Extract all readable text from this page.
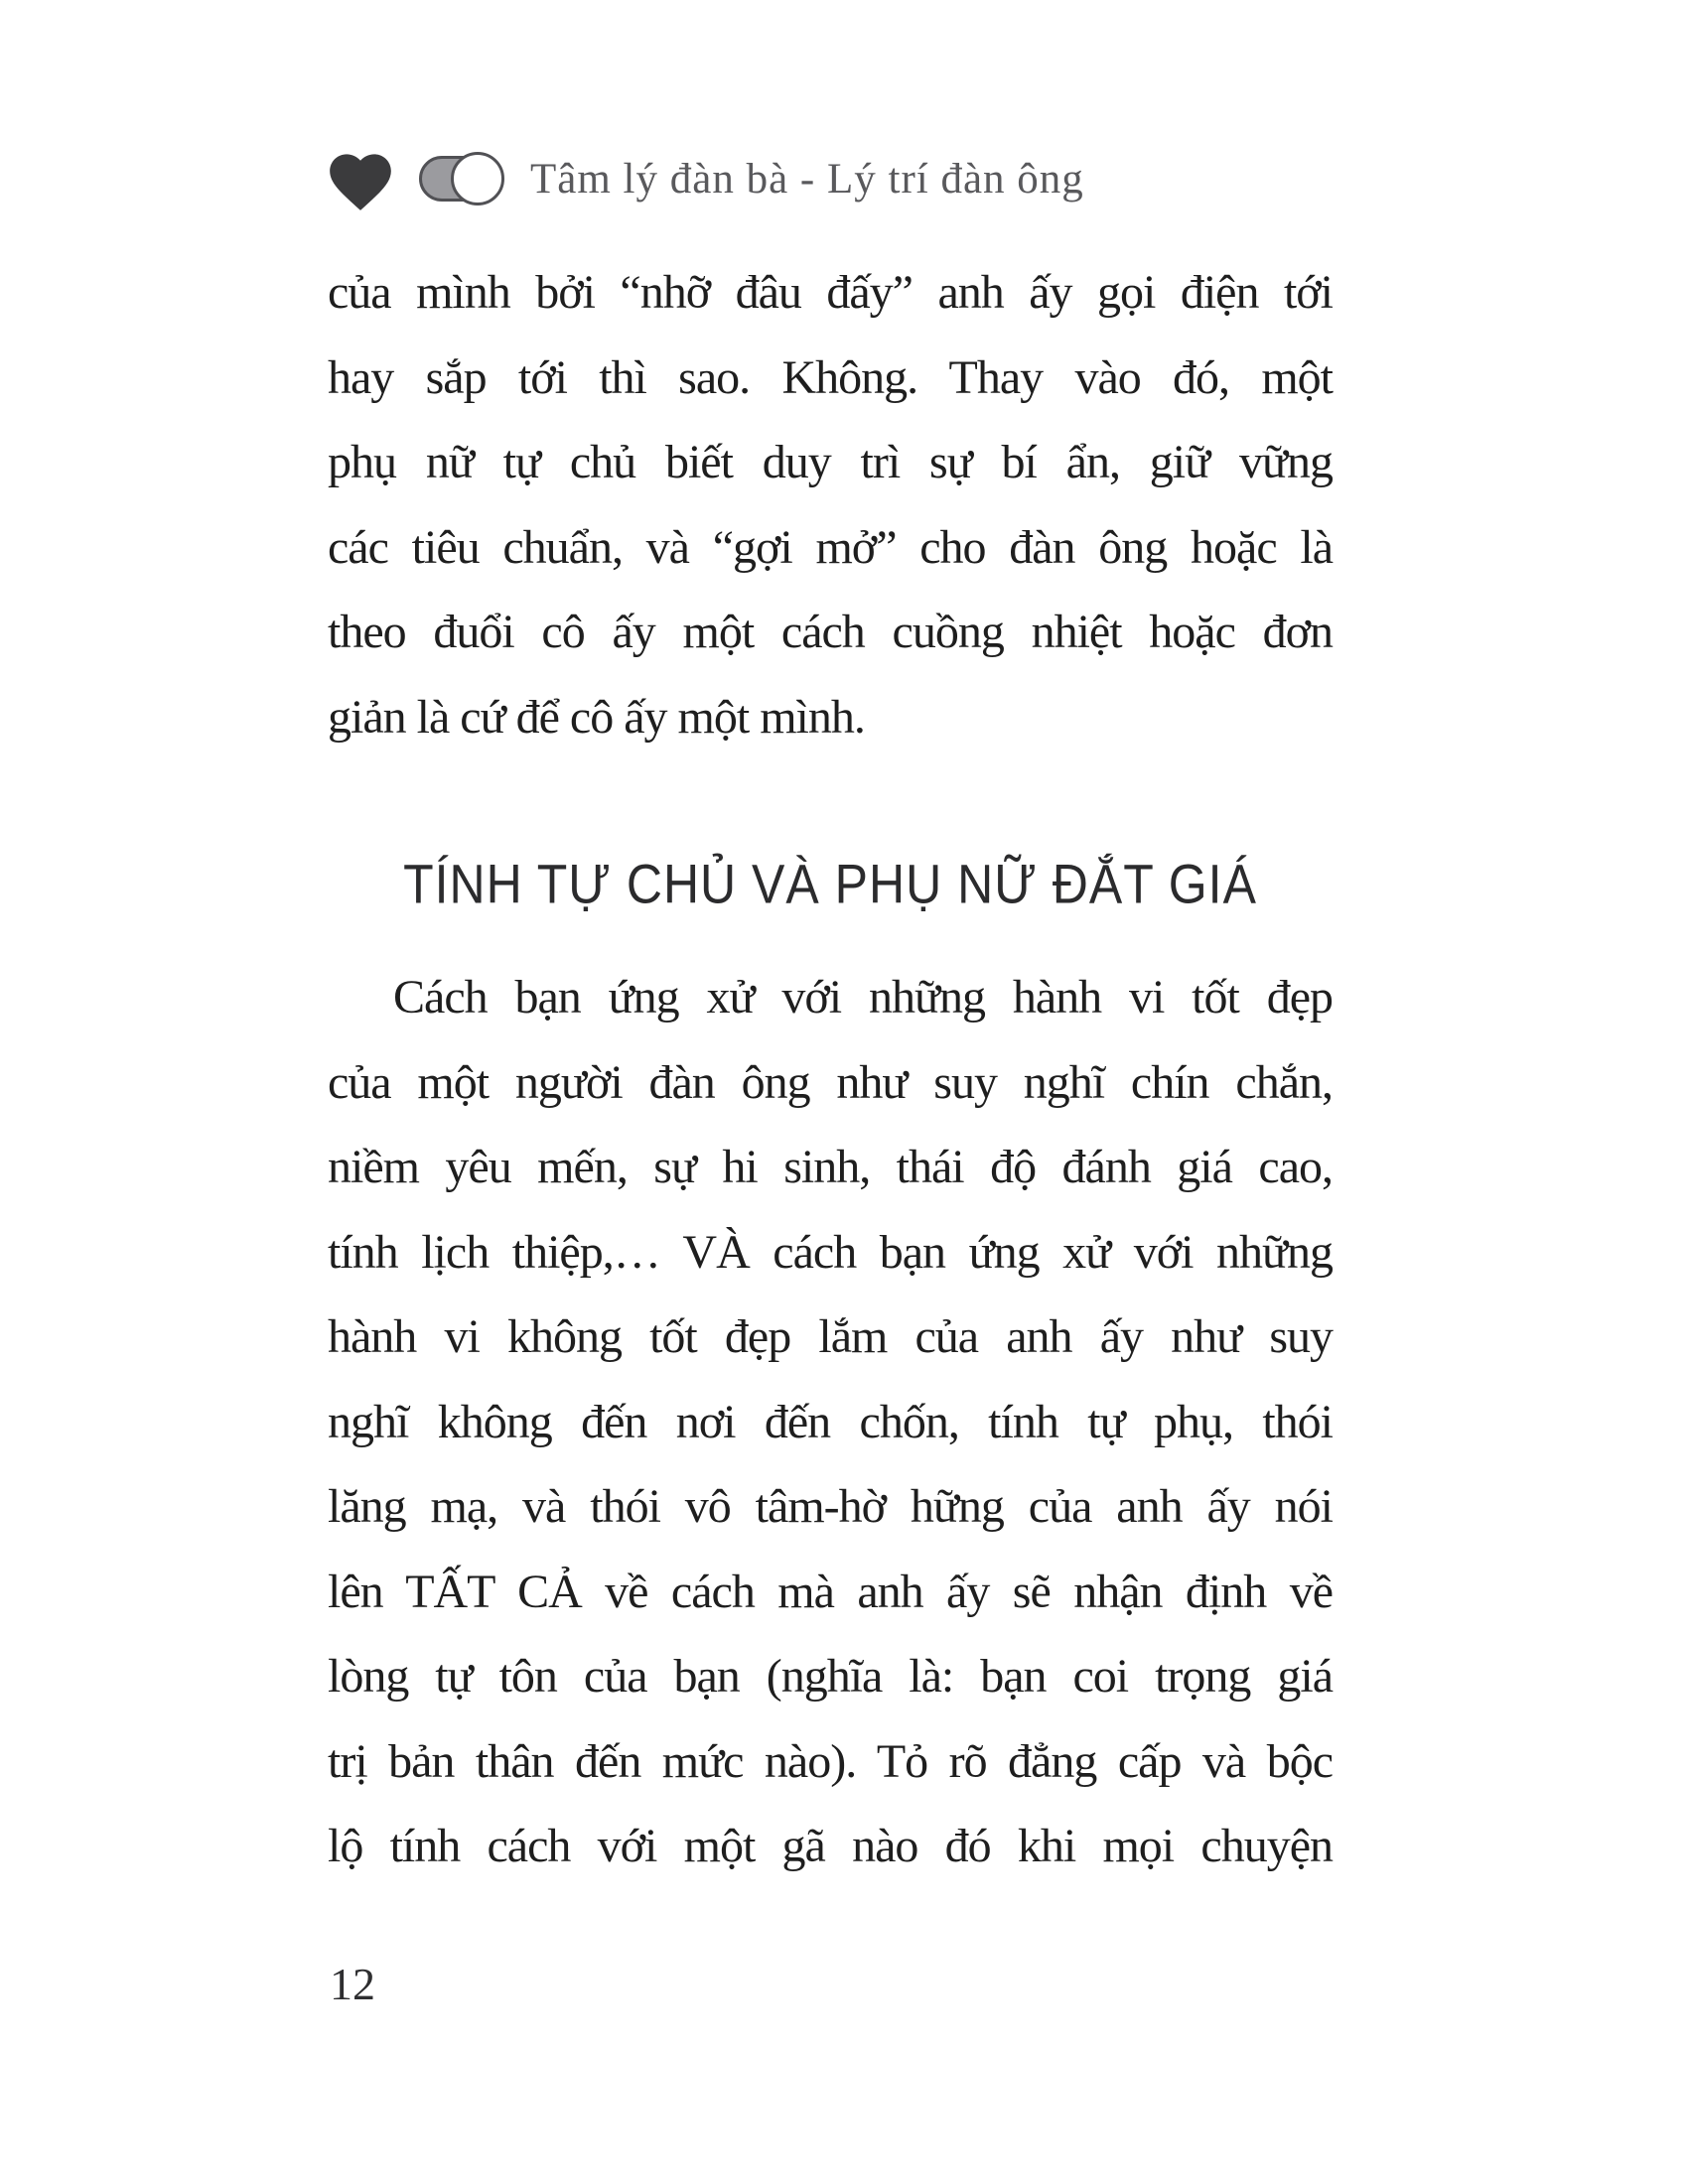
Tâm lý đàn bà - Lý trí đàn ông
của mình bởi “nhỡ đâu đấy” anh ấy gọi điện tới
hay sắp tới thì sao. Không. Thay vào đó, một
phụ nữ tự chủ biết duy trì sự bí ẩn, giữ vững
các tiêu chuẩn, và “gợi mở” cho đàn ông hoặc là
theo đuổi cô ấy một cách cuồng nhiệt hoặc đơn
giản là cứ để cô ấy một mình.
TÍNH TỰ CHỦ VÀ PHỤ NỮ ĐẮT GIÁ
Cách bạn ứng xử với những hành vi tốt đẹp
của một người đàn ông như suy nghĩ chín chắn,
niềm yêu mến, sự hi sinh, thái độ đánh giá cao,
tính lịch thiệp,… VÀ cách bạn ứng xử với những
hành vi không tốt đẹp lắm của anh ấy như suy
nghĩ không đến nơi đến chốn, tính tự phụ, thói
lăng mạ, và thói vô tâm-hờ hững của anh ấy nói
lên TẤT CẢ về cách mà anh ấy sẽ nhận định về
lòng tự tôn của bạn (nghĩa là: bạn coi trọng giá
trị bản thân đến mức nào). Tỏ rõ đẳng cấp và bộc
lộ tính cách với một gã nào đó khi mọi chuyện
12
